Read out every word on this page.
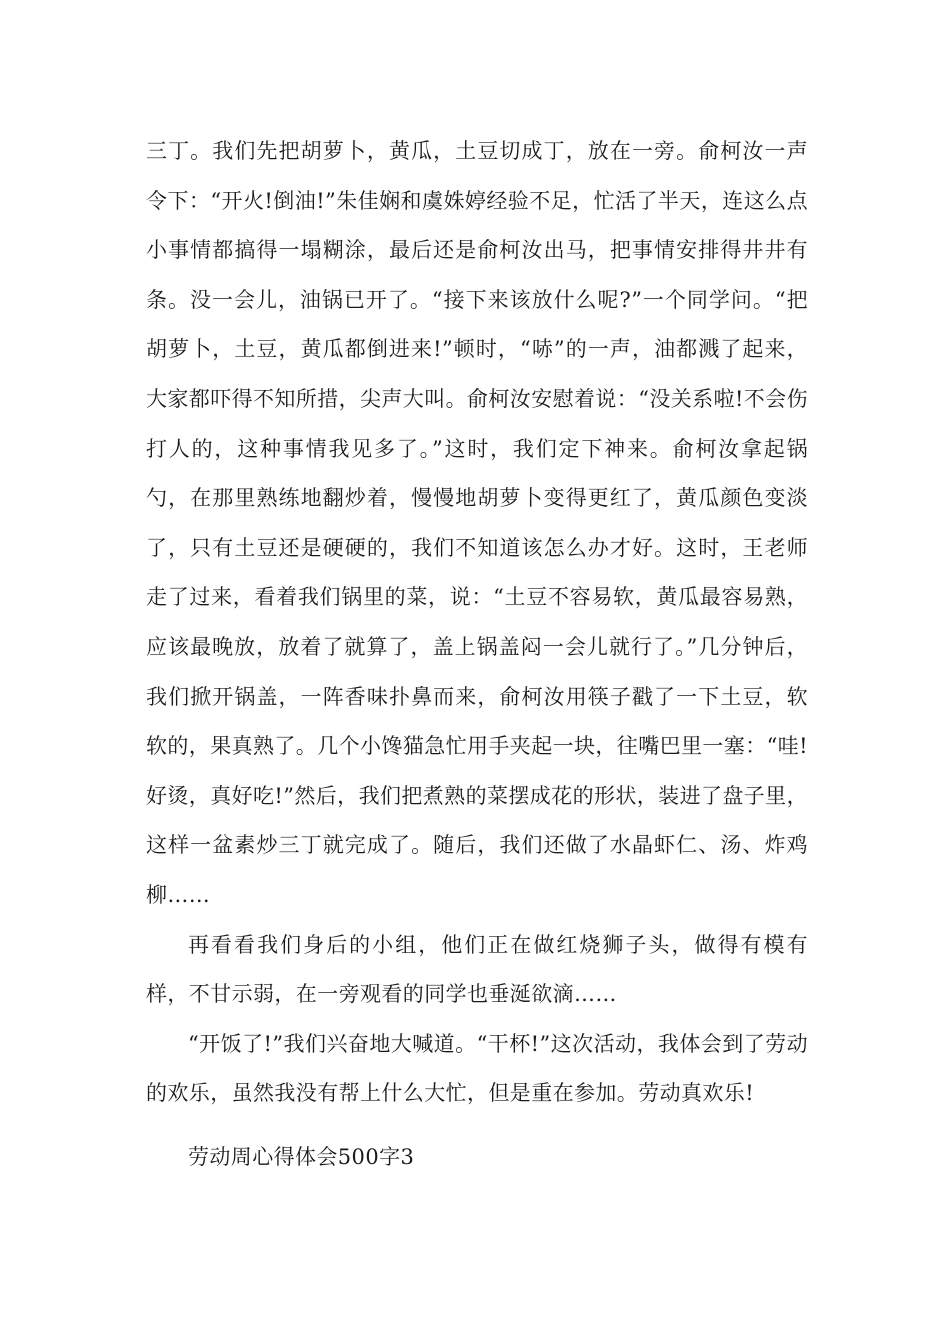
三丁。我们先把胡萝卜，黄瓜，土豆切成丁，放在一旁。俞柯汝一声令下：“开火!倒油!”朱佳娴和虞姝婷经验不足，忙活了半天，连这么点小事情都搞得一塌糊涂，最后还是俞柯汝出马，把事情安排得井井有条。没一会儿，油锅已开了。“接下来该放什么呢?”一个同学问。“把胡萝卜，土豆，黄瓜都倒进来!”顿时，“哧”的一声，油都溅了起来，大家都吓得不知所措，尖声大叫。俞柯汝安慰着说：“没关系啦!不会伤打人的，这种事情我见多了。”这时，我们定下神来。俞柯汝拿起锅勺，在那里熟练地翻炒着，慢慢地胡萝卜变得更红了，黄瓜颜色变淡了，只有土豆还是硬硬的，我们不知道该怎么办才好。这时，王老师走了过来，看着我们锅里的菜，说：“土豆不容易软，黄瓜最容易熟，应该最晚放，放着了就算了，盖上锅盖闷一会儿就行了。”几分钟后，我们掀开锅盖，一阵香味扑鼻而来，俞柯汝用筷子戳了一下土豆，软软的，果真熟了。几个小馋猫急忙用手夹起一块，往嘴巴里一塞：“哇!好烫，真好吃!”然后，我们把煮熟的菜摆成花的形状，装进了盘子里，这样一盆素炒三丁就完成了。随后，我们还做了水晶虾仁、汤、炸鸡柳……

再看看我们身后的小组，他们正在做红烧狮子头，做得有模有样，不甘示弱，在一旁观看的同学也垂涎欲滴……

“开饭了!”我们兴奋地大喊道。“干杯!”这次活动，我体会到了劳动的欢乐，虽然我没有帮上什么大忙，但是重在参加。劳动真欢乐!

劳动周心得体会500字3
